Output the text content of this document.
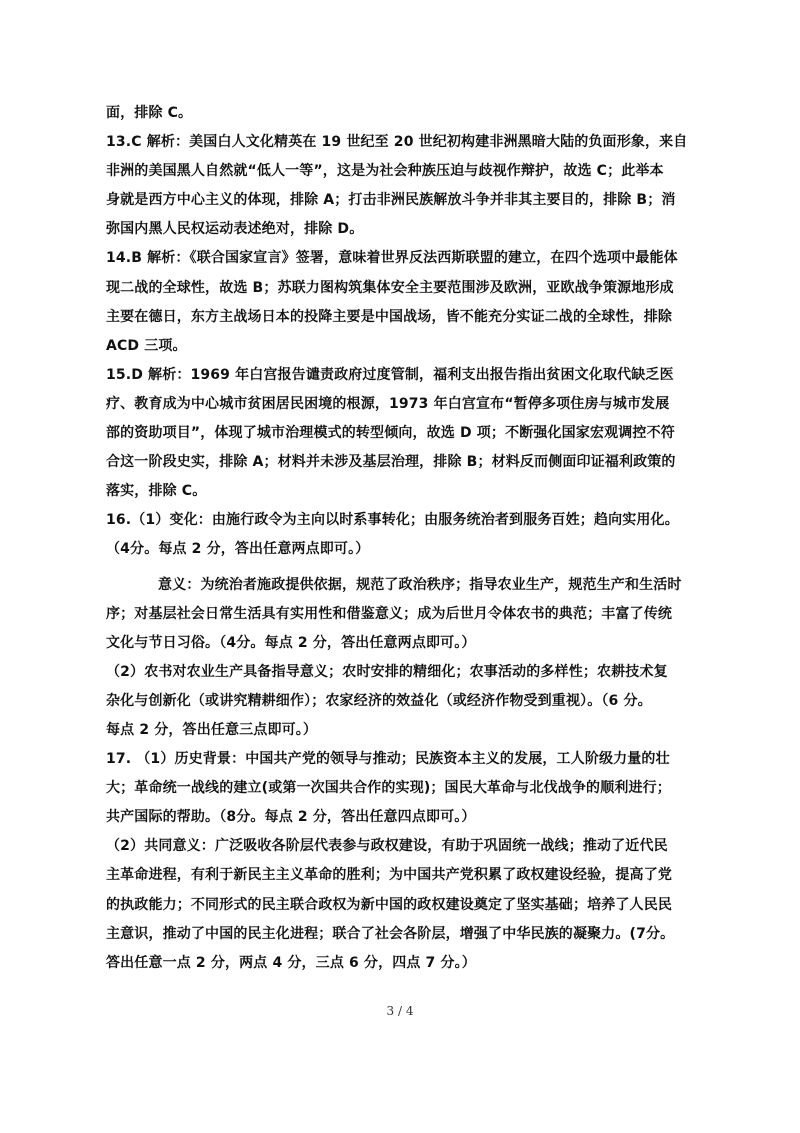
面，排除 C。
13.C 解析：美国白人文化精英在 19 世纪至 20 世纪初构建非洲黑暗大陆的负面形象，来自
非洲的美国黑人自然就“低人一等”，这是为社会种族压迫与歧视作辩护，故选 C；此举本
身就是西方中心主义的体现，排除 A；打击非洲民族解放斗争并非其主要目的，排除 B；消
弥国内黑人民权运动表述绝对，排除 D。
14.B 解析：《联合国家宣言》签署，意味着世界反法西斯联盟的建立，在四个选项中最能体
现二战的全球性，故选 B；苏联力图构筑集体安全主要范围涉及欧洲，亚欧战争策源地形成
主要在德日，东方主战场日本的投降主要是中国战场，皆不能充分实证二战的全球性，排除
ACD 三项。
15.D 解析：1969 年白宫报告谴责政府过度管制，福利支出报告指出贫困文化取代缺乏医
疗、教育成为中心城市贫困居民困境的根源，1973 年白宫宣布“暂停多项住房与城市发展
部的资助项目”，体现了城市治理模式的转型倾向，故选 D 项；不断强化国家宏观调控不符
合这一阶段史实，排除 A；材料并未涉及基层治理，排除 B；材料反而侧面印证福利政策的
落实，排除 C。
16.（1）变化：由施行政令为主向以时系事转化；由服务统治者到服务百姓；趋向实用化。
（4分。每点 2 分，答出任意两点即可。）
意义：为统治者施政提供依据，规范了政治秩序；指导农业生产，规范生产和生活时
序；对基层社会日常生活具有实用性和借鉴意义；成为后世月令体农书的典范；丰富了传统
文化与节日习俗。（4分。每点 2 分，答出任意两点即可。）
（2）农书对农业生产具备指导意义；农时安排的精细化；农事活动的多样性；农耕技术复
杂化与创新化（或讲究精耕细作）；农家经济的效益化（或经济作物受到重视）。（6 分。
每点 2 分，答出任意三点即可。）
17. （1）历史背景：中国共产党的领导与推动；民族资本主义的发展，工人阶级力量的壮
大；革命统一战线的建立(或第一次国共合作的实现)；国民大革命与北伐战争的顺利进行；
共产国际的帮助。（8分。每点 2 分，答出任意四点即可。）
（2）共同意义：广泛吸收各阶层代表参与政权建设，有助于巩固统一战线；推动了近代民
主革命进程，有利于新民主主义革命的胜利；为中国共产党积累了政权建设经验，提高了党
的执政能力；不同形式的民主联合政权为新中国的政权建设奠定了坚实基础；培养了人民民
主意识，推动了中国的民主化进程；联合了社会各阶层，增强了中华民族的凝聚力。(7分。
答出任意一点 2 分，两点 4 分，三点 6 分，四点 7 分。）
3 / 4
